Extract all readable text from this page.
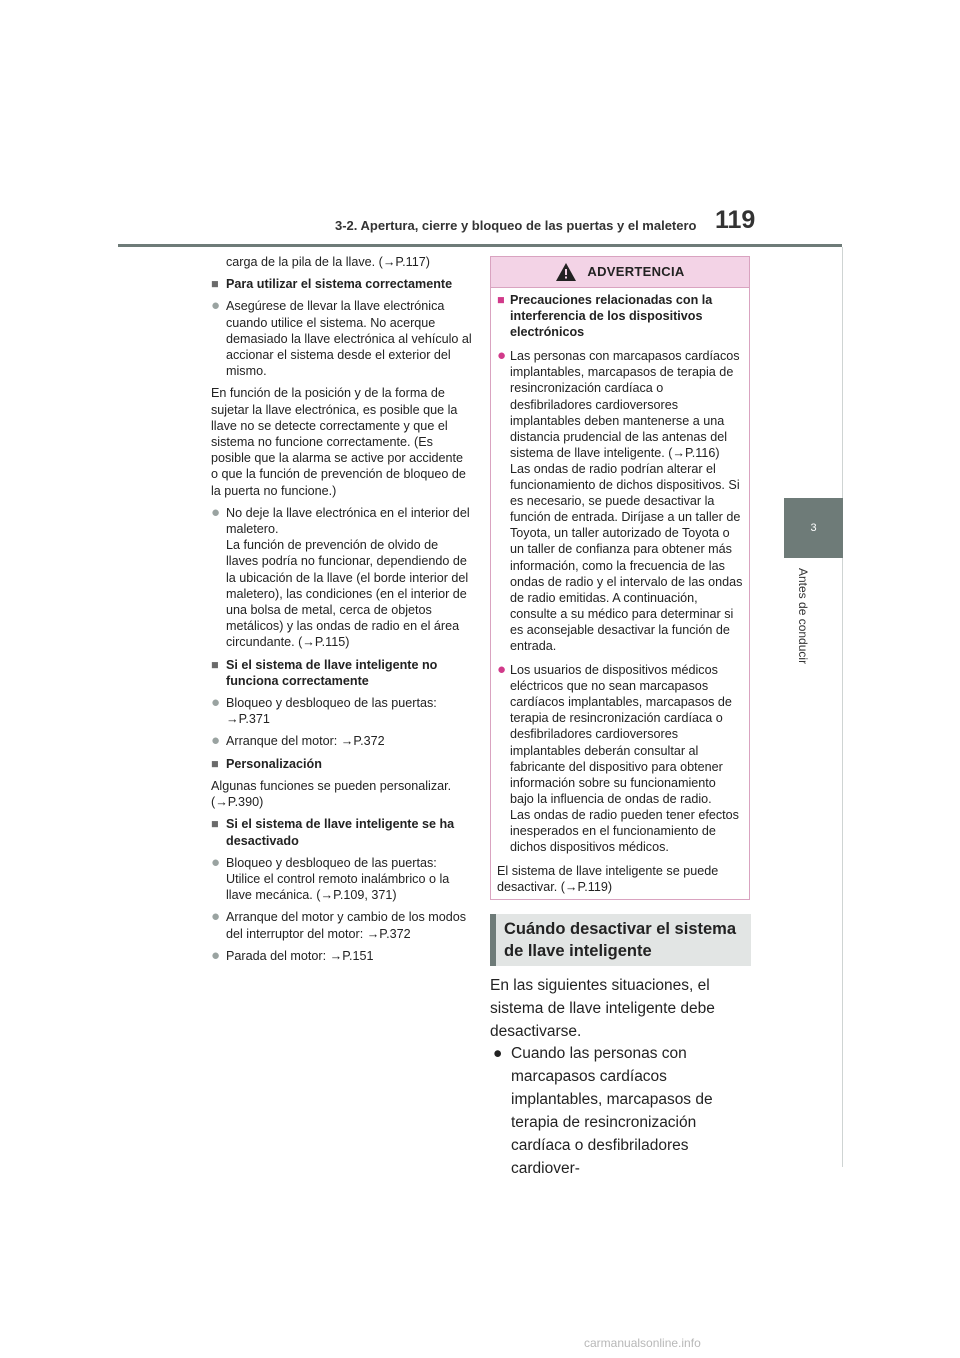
3-2. Apertura, cierre y bloqueo de las puertas y el maletero 119
3
Antes de conducir

carga de la pila de la llave. (→P.117)

■ Para utilizar el sistema correctamente
● Asegúrese de llevar la llave electrónica cuando utilice el sistema. No acerque demasiado la llave electrónica al vehículo al accionar el sistema desde el exterior del mismo.

En función de la posición y de la forma de sujetar la llave electrónica, es posible que la llave no se detecte correctamente y que el sistema no funcione correctamente. (Es posible que la alarma se active por accidente o que la función de prevención de bloqueo de la puerta no funcione.)

● No deje la llave electrónica en el interior del maletero.
La función de prevención de olvido de llaves podría no funcionar, dependiendo de la ubicación de la llave (el borde interior del maletero), las condiciones (en el interior de una bolsa de metal, cerca de objetos metálicos) y las ondas de radio en el área circundante. (→P.115)
■ Si el sistema de llave inteligente no funciona correctamente
● Bloqueo y desbloqueo de las puertas: →P.371
● Arranque del motor: →P.372
■ Personalización

Algunas funciones se pueden personalizar. (→P.390)

■ Si el sistema de llave inteligente se ha desactivado
● Bloqueo y desbloqueo de las puertas: Utilice el control remoto inalámbrico o la llave mecánica. (→P.109, 371)
● Arranque del motor y cambio de los modos del interruptor del motor: →P.372
● Parada del motor: →P.151
ADVERTENCIA
■ Precauciones relacionadas con la interferencia de los dispositivos electrónicos
● Las personas con marcapasos cardíacos implantables, marcapasos de terapia de resincronización cardíaca o desfibriladores cardioversores implantables deben mantenerse a una distancia prudencial de las antenas del sistema de llave inteligente. (→P.116)
Las ondas de radio podrían alterar el funcionamiento de dichos dispositivos. Si es necesario, se puede desactivar la función de entrada. Diríjase a un taller de Toyota, un taller autorizado de Toyota o un taller de confianza para obtener más información, como la frecuencia de las ondas de radio y el intervalo de las ondas de radio emitidas. A continuación, consulte a su médico para determinar si es aconsejable desactivar la función de entrada.
● Los usuarios de dispositivos médicos eléctricos que no sean marcapasos cardíacos implantables, marcapasos de terapia de resincronización cardíaca o desfibriladores cardioversores implantables deberán consultar al fabricante del dispositivo para obtener información sobre su funcionamiento bajo la influencia de ondas de radio.
Las ondas de radio pueden tener efectos inesperados en el funcionamiento de dichos dispositivos médicos.

El sistema de llave inteligente se puede desactivar. (→P.119)

Cuándo desactivar el sistema de llave inteligente
En las siguientes situaciones, el sistema de llave inteligente debe desactivarse.
● Cuando las personas con marcapasos cardíacos implantables, marcapasos de terapia de resincronización cardíaca o desfibriladores cardiover-
carmanualsonline.info
